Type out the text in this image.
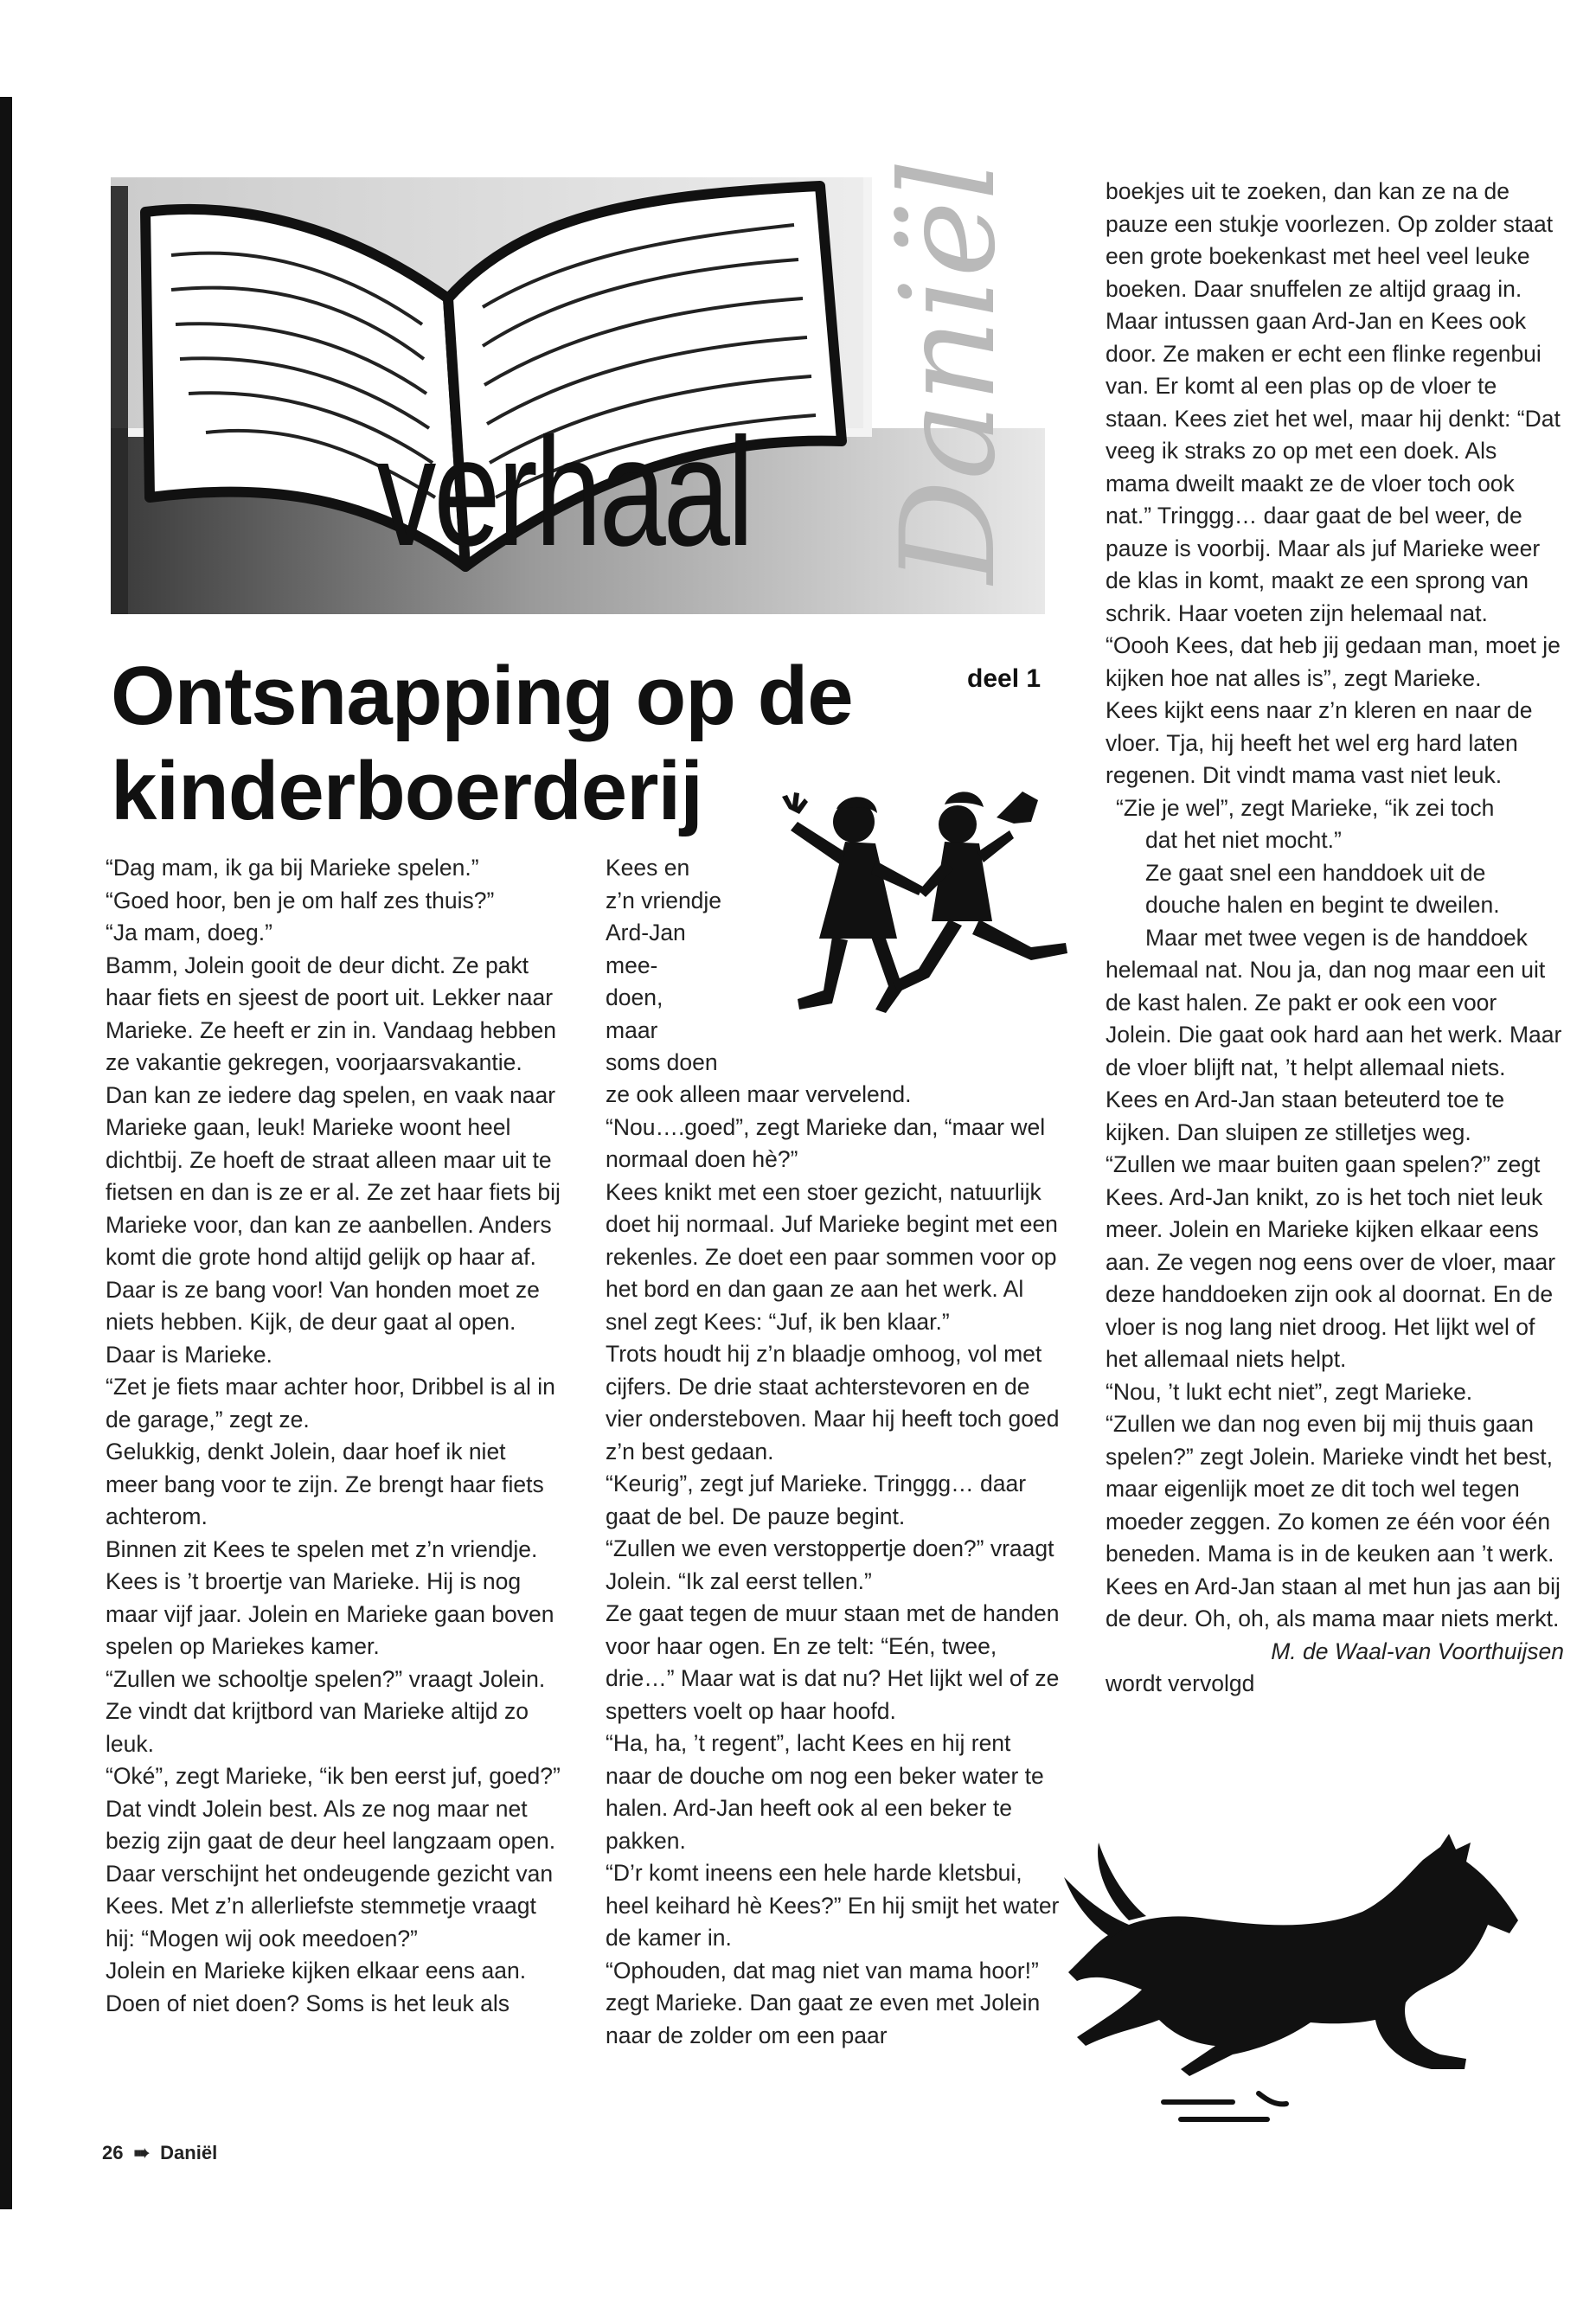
verhaal Daniël
Ontsnapping op de
kinderboerderij
deel 1

“Dag mam, ik ga bij Marieke spelen.”

“Goed hoor, ben je om half zes thuis?”

“Ja mam, doeg.”

Bamm, Jolein gooit de deur dicht. Ze pakt haar fiets en sjeest de poort uit. Lekker naar Marieke. Ze heeft er zin in. Vandaag hebben ze vakantie gekregen, voorjaarsvakantie. Dan kan ze iedere dag spelen, en vaak naar Marieke gaan, leuk! Marieke woont heel dichtbij. Ze hoeft de straat alleen maar uit te fietsen en dan is ze er al. Ze zet haar fiets bij Marieke voor, dan kan ze aanbellen. Anders komt die grote hond altijd gelijk op haar af. Daar is ze bang voor! Van honden moet ze niets hebben. Kijk, de deur gaat al open. Daar is Marieke.

“Zet je fiets maar achter hoor, Dribbel is al in de garage,” zegt ze.

Gelukkig, denkt Jolein, daar hoef ik niet meer bang voor te zijn. Ze brengt haar fiets achterom.

Binnen zit Kees te spelen met z’n vriendje. Kees is ’t broertje van Marieke. Hij is nog maar vijf jaar. Jolein en Marieke gaan boven spelen op Mariekes kamer.

“Zullen we schooltje spelen?” vraagt Jolein. Ze vindt dat krijtbord van Marieke altijd zo leuk.

“Oké”, zegt Marieke, “ik ben eerst juf, goed?”

Dat vindt Jolein best. Als ze nog maar net bezig zijn gaat de deur heel langzaam open. Daar verschijnt het ondeugende gezicht van Kees. Met z’n allerliefste stemmetje vraagt hij: “Mogen wij ook meedoen?”

Jolein en Marieke kijken elkaar eens aan. Doen of niet doen? Soms is het leuk als

Kees en

z’n vriendje

Ard-Jan

mee-

doen,

maar

soms doen

ze ook alleen maar vervelend.

“Nou….goed”, zegt Marieke dan, “maar wel normaal doen hè?”

Kees knikt met een stoer gezicht, natuurlijk doet hij normaal. Juf Marieke begint met een rekenles. Ze doet een paar sommen voor op het bord en dan gaan ze aan het werk. Al snel zegt Kees: “Juf, ik ben klaar.”

Trots houdt hij z’n blaadje omhoog, vol met cijfers. De drie staat achterstevoren en de vier ondersteboven. Maar hij heeft toch goed z’n best gedaan.

“Keurig”, zegt juf Marieke. Tringgg… daar gaat de bel. De pauze begint.

“Zullen we even verstoppertje doen?” vraagt Jolein. “Ik zal eerst tellen.”

Ze gaat tegen de muur staan met de handen voor haar ogen. En ze telt: “Eén, twee, drie…” Maar wat is dat nu? Het lijkt wel of ze spetters voelt op haar hoofd.

“Ha, ha, ’t regent”, lacht Kees en hij rent naar de douche om nog een beker water te halen. Ard-Jan heeft ook al een beker te pakken.

“D’r komt ineens een hele harde kletsbui, heel keihard hè Kees?” En hij smijt het water de kamer in.

“Ophouden, dat mag niet van mama hoor!” zegt Marieke. Dan gaat ze even met Jolein naar de zolder om een paar

boekjes uit te zoeken, dan kan ze na de pauze een stukje voorlezen. Op zolder staat een grote boekenkast met heel veel leuke boeken. Daar snuffelen ze altijd graag in. Maar intussen gaan Ard-Jan en Kees ook door. Ze maken er echt een flinke regenbui van. Er komt al een plas op de vloer te staan. Kees ziet het wel, maar hij denkt: “Dat veeg ik straks zo op met een doek. Als mama dweilt maakt ze de vloer toch ook nat.” Tringgg… daar gaat de bel weer, de pauze is voorbij. Maar als juf Marieke weer de klas in komt, maakt ze een sprong van schrik. Haar voeten zijn helemaal nat.

“Oooh Kees, dat heb jij gedaan man, moet je kijken hoe nat alles is”, zegt Marieke.

Kees kijkt eens naar z’n kleren en naar de vloer. Tja, hij heeft het wel erg hard laten regenen. Dit vindt mama vast niet leuk.

“Zie je wel”, zegt Marieke, “ik zei toch

dat het niet mocht.”

Ze gaat snel een handdoek uit de douche halen en begint te dweilen.

Maar met twee vegen is de handdoek

helemaal nat. Nou ja, dan nog maar een uit de kast halen. Ze pakt er ook een voor Jolein. Die gaat ook hard aan het werk. Maar de vloer blijft nat, ’t helpt allemaal niets. Kees en Ard-Jan staan beteuterd toe te kijken. Dan sluipen ze stilletjes weg.

“Zullen we maar buiten gaan spelen?” zegt Kees. Ard-Jan knikt, zo is het toch niet leuk meer. Jolein en Marieke kijken elkaar eens aan. Ze vegen nog eens over de vloer, maar deze handdoeken zijn ook al doornat. En de vloer is nog lang niet droog. Het lijkt wel of het allemaal niets helpt.

“Nou, ’t lukt echt niet”, zegt Marieke.

“Zullen we dan nog even bij mij thuis gaan spelen?” zegt Jolein. Marieke vindt het best, maar eigenlijk moet ze dit toch wel tegen moeder zeggen. Zo komen ze één voor één beneden. Mama is in de keuken aan ’t werk. Kees en Ard-Jan staan al met hun jas aan bij de deur. Oh, oh, als mama maar niets merkt.

M. de Waal-van Voorthuijsen

wordt vervolgd

26 ➠ Daniël
